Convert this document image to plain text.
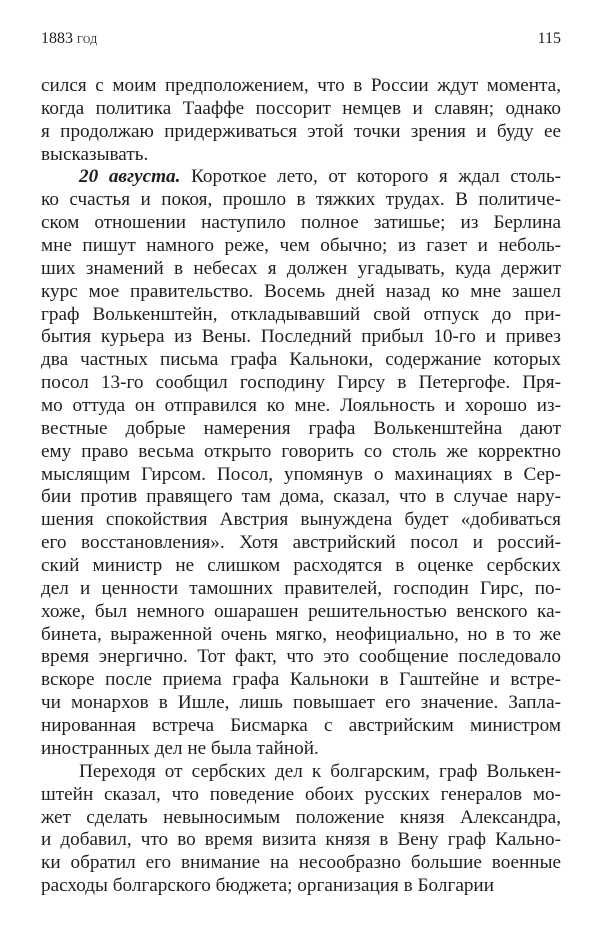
1883 год	115
сился с моим предположением, что в России ждут момента,
когда политика Тааффе поссорит немцев и славян; однако
я продолжаю придерживаться этой точки зрения и буду ее
высказывать.
20 августа. Короткое лето, от которого я ждал столь-
ко счастья и покоя, прошло в тяжких трудах. В политиче-
ском отношении наступило полное затишье; из Берлина
мне пишут намного реже, чем обычно; из газет и неболь-
ших знамений в небесах я должен угадывать, куда держит
курс мое правительство. Восемь дней назад ко мне зашел
граф Волькенштейн, откладывавший свой отпуск до при-
бытия курьера из Вены. Последний прибыл 10-го и привез
два частных письма графа Кальноки, содержание которых
посол 13-го сообщил господину Гирсу в Петергофе. Пря-
мо оттуда он отправился ко мне. Лояльность и хорошо из-
вестные добрые намерения графа Волькенштейна дают
ему право весьма открыто говорить со столь же корректно
мыслящим Гирсом. Посол, упомянув о махинациях в Сер-
бии против правящего там дома, сказал, что в случае нару-
шения спокойствия Австрия вынуждена будет «добиваться
его восстановления». Хотя австрийский посол и россий-
ский министр не слишком расходятся в оценке сербских
дел и ценности тамошних правителей, господин Гирс, по-
хоже, был немного ошарашен решительностью венского ка-
бинета, выраженной очень мягко, неофициально, но в то же
время энергично. Тот факт, что это сообщение последовало
вскоре после приема графа Кальноки в Гаштейне и встре-
чи монархов в Ишле, лишь повышает его значение. Запла-
нированная встреча Бисмарка с австрийским министром
иностранных дел не была тайной.
Переходя от сербских дел к болгарским, граф Волькен-
штейн сказал, что поведение обоих русских генералов мо-
жет сделать невыносимым положение князя Александра,
и добавил, что во время визита князя в Вену граф Кально-
ки обратил его внимание на несообразно большие военные
расходы болгарского бюджета; организация в Болгарии
